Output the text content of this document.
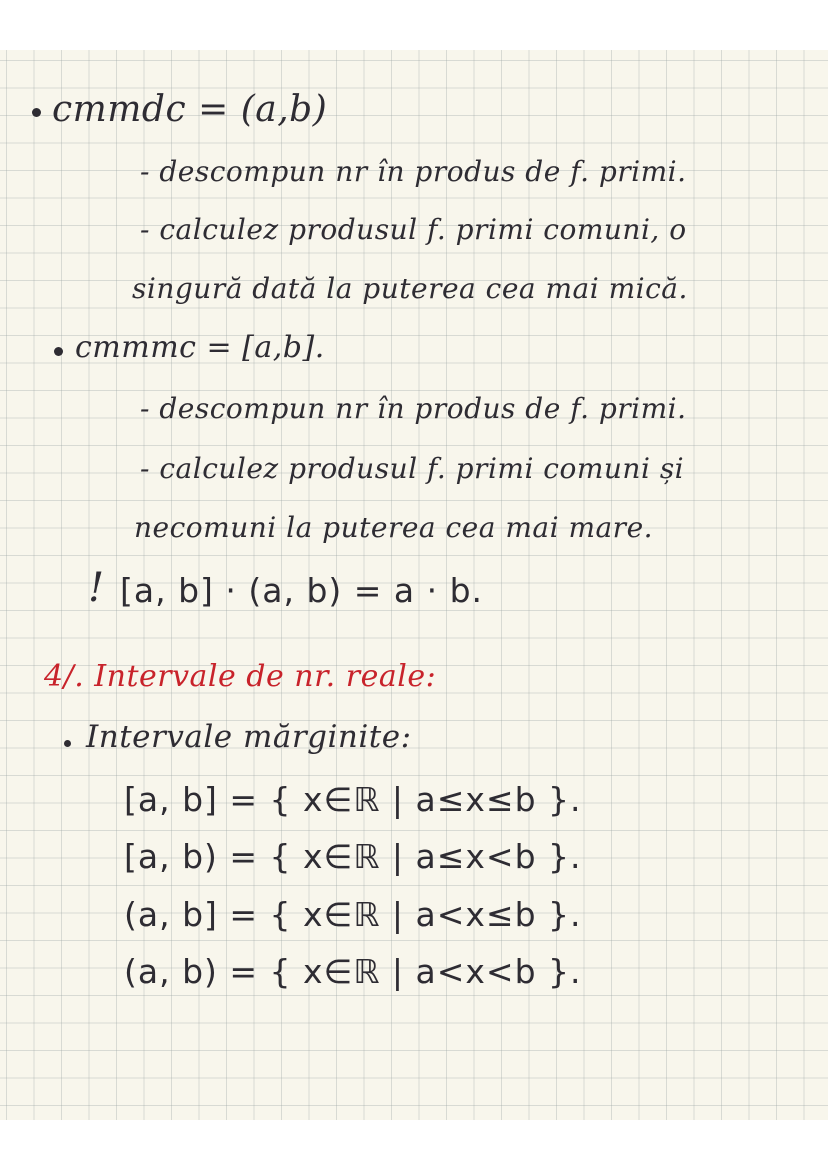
cmmdc = (a,b)
- descompun nr în produs de f. primi.
- calculez produsul f. primi comuni, o
singură dată la puterea cea mai mică.
cmmmc = [a,b].
- descompun nr în produs de f. primi.
- calculez produsul f. primi comuni și
necomuni la puterea cea mai mare.
! [a, b] · (a, b) = a · b.
4/. Intervale de nr. reale:
Intervale mărginite:
[a, b] = { x∈ℝ | a≤x≤b }.
[a, b) = { x∈ℝ | a≤x<b }.
(a, b] = { x∈ℝ | a<x≤b }.
(a, b) = { x∈ℝ | a<x<b }.
